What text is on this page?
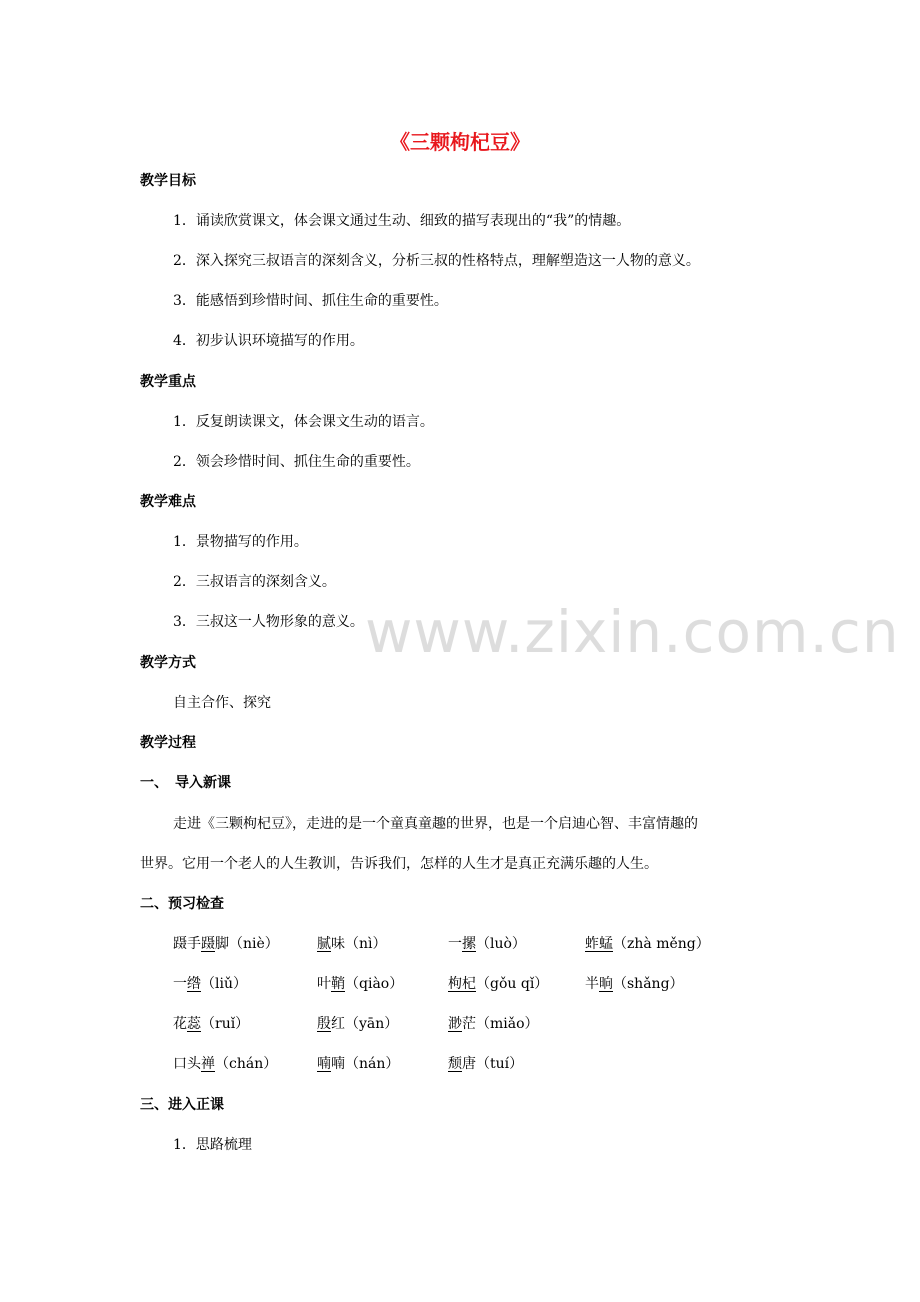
《三颗枸杞豆》
教学目标
1．诵读欣赏课文，体会课文通过生动、细致的描写表现出的“我”的情趣。
2．深入探究三叔语言的深刻含义，分析三叔的性格特点，理解塑造这一人物的意义。
3．能感悟到珍惜时间、抓住生命的重要性。
4．初步认识环境描写的作用。
教学重点
1．反复朗读课文，体会课文生动的语言。
2．领会珍惜时间、抓住生命的重要性。
教学难点
1．景物描写的作用。
2．三叔语言的深刻含义。
3．三叔这一人物形象的意义。
教学方式
自主合作、探究
教学过程
一、　导入新课
走进《三颗枸杞豆》，走进的是一个童真童趣的世界，也是一个启迪心智、丰富情趣的
世界。它用一个老人的人生教训，告诉我们，怎样的人生才是真正充满乐趣的人生。
二、预习检查
蹑手蹑脚（niè）	腻味（nì）	一摞（luò）	蚱蜢（zhà měng）
一绺（liǔ）	叶鞘（qiào）	枸杞（gǒu qǐ）	半晌（shǎng）
花蕊（ruǐ）	殷红（yān）	渺茫（miǎo）
口头禅（chán）	喃喃（nán）	颓唐（tuí）
三、进入正课
1．思路梳理
www.zixin.com.cn
